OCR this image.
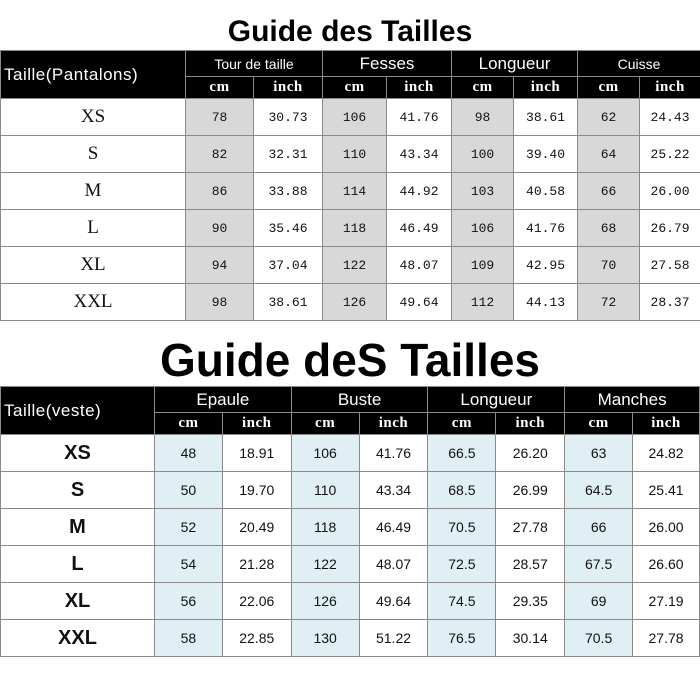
Guide des Tailles
Taille(Pantalons)	Tour de taille		Fesses		Longueur		Cuisse	
	cm	inch	cm	inch	cm	inch	cm	inch
XS	78	30.73	106	41.76	98	38.61	62	24.43
S	82	32.31	110	43.34	100	39.40	64	25.22
M	86	33.88	114	44.92	103	40.58	66	26.00
L	90	35.46	118	46.49	106	41.76	68	26.79
XL	94	37.04	122	48.07	109	42.95	70	27.58
XXL	98	38.61	126	49.64	112	44.13	72	28.37
Guide deS Tailles
Taille(veste)	Epaule		Buste		Longueur		Manches	
	cm	inch	cm	inch	cm	inch	cm	inch
XS	48	18.91	106	41.76	66.5	26.20	63	24.82
S	50	19.70	110	43.34	68.5	26.99	64.5	25.41
M	52	20.49	118	46.49	70.5	27.78	66	26.00
L	54	21.28	122	48.07	72.5	28.57	67.5	26.60
XL	56	22.06	126	49.64	74.5	29.35	69	27.19
XXL	58	22.85	130	51.22	76.5	30.14	70.5	27.78
